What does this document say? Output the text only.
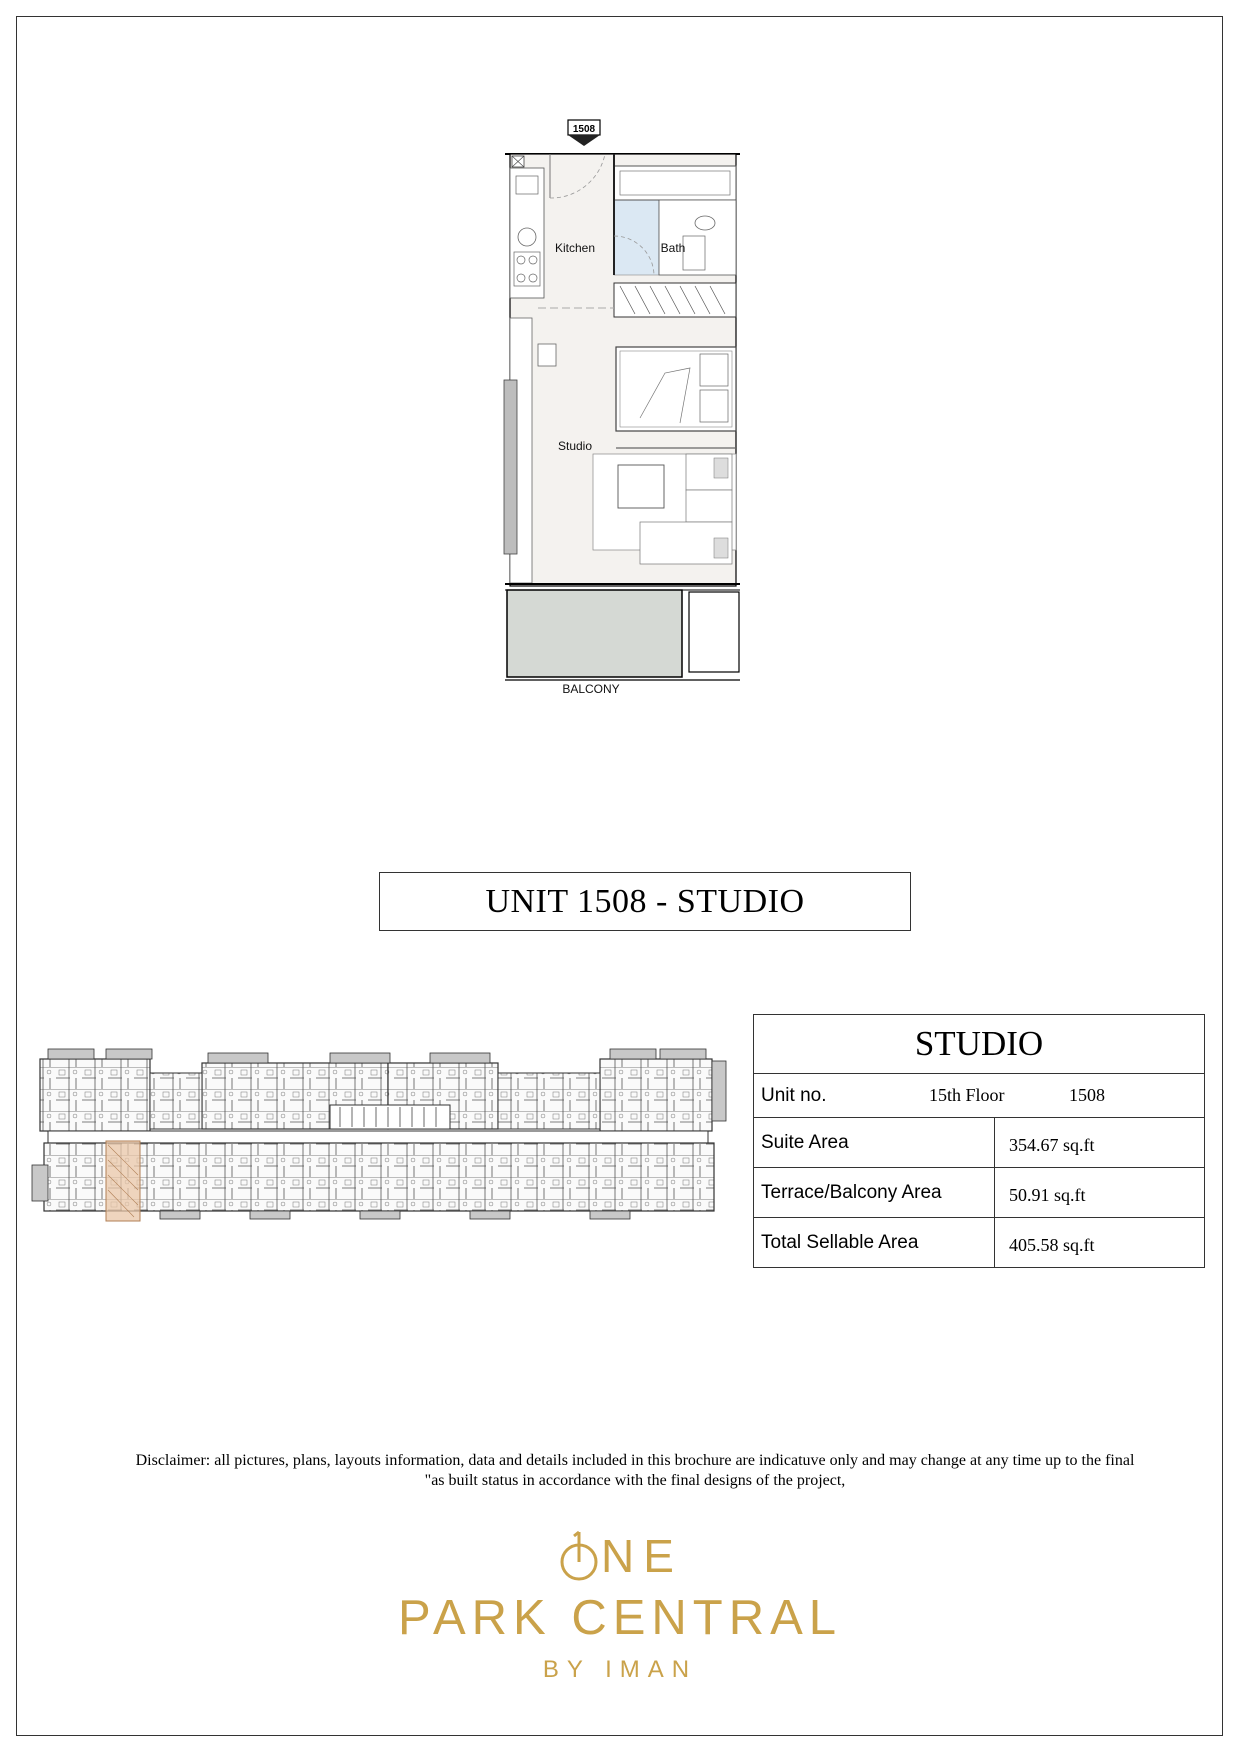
1508
Kitchen	Bath
Studio
BALCONY
UNIT 1508 - STUDIO
STUDIO	

Unit no. 15th Floor 1508	

Suite Area	354.67 sq.ft
Terrace/Balcony Area	50.91 sq.ft
Total Sellable Area	405.58 sq.ft
Disclaimer: all pictures, plans, layouts information, data and details included in this brochure are indicatuve only and may change at any time up to the final
"as built status in accordance with the final designs of the project,
NE
PARK CENTRAL
BY IMAN
